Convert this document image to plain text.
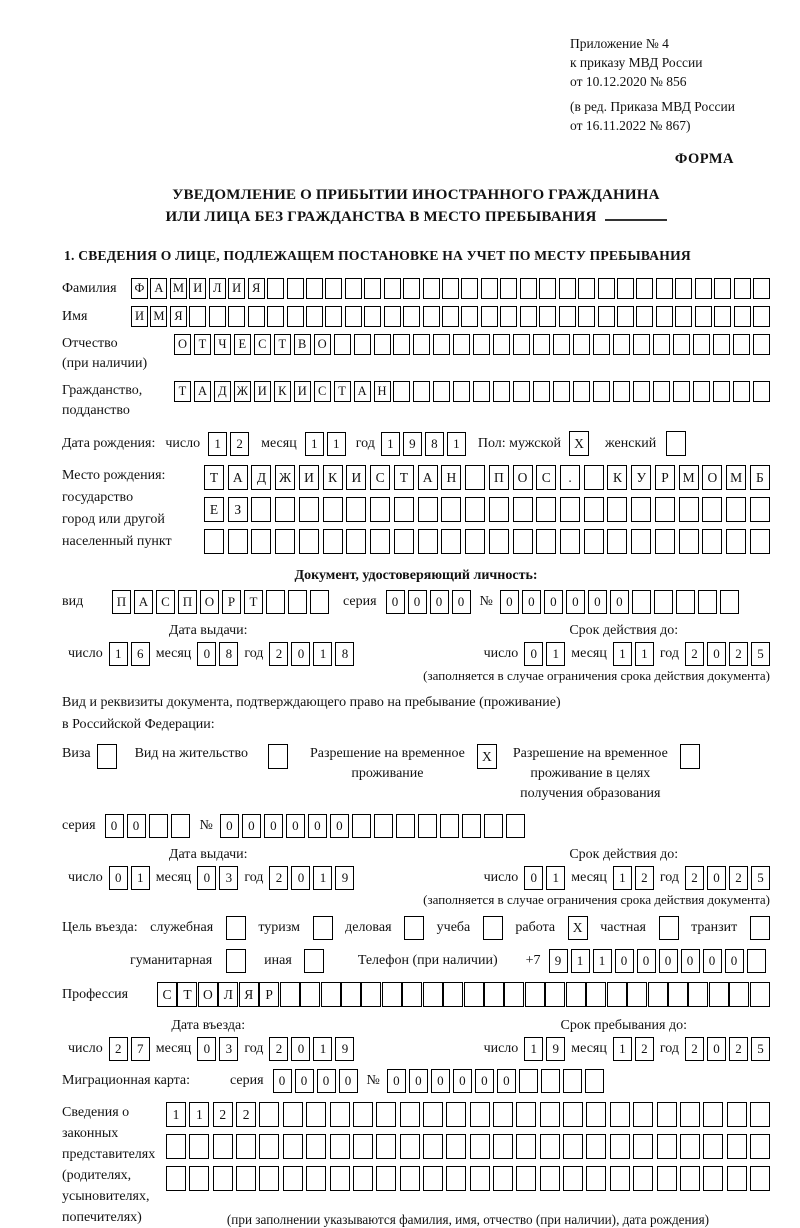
Приложение № 4
к приказу МВД России
от 10.12.2020 № 856
(в ред. Приказа МВД России
от 16.11.2022 № 867)
ФОРМА
УВЕДОМЛЕНИЕ О ПРИБЫТИИ ИНОСТРАННОГО ГРАЖДАНИНА
ИЛИ ЛИЦА БЕЗ ГРАЖДАНСТВА В МЕСТО ПРЕБЫВАНИЯ
1. СВЕДЕНИЯ О ЛИЦЕ, ПОДЛЕЖАЩЕМ ПОСТАНОВКЕ НА УЧЕТ ПО МЕСТУ ПРЕБЫВАНИЯ
Фамилия	Ф А М И Л И Я
Имя	И М Я
Отчество
(при наличии)
О Т Ч Е С Т В О
Гражданство,
подданство
Т А Д Ж И К И С Т А Н
Дата рождения: число	1	2	месяц	1	1	год 1	9	8	1	Пол: мужской X	женский
Место рождения:
государство
город или другой
населенный пункт
Т	А	Д Ж И	К	И	С	Т	А	Н	П	О	С	.	К	У	Р	М О М	Б
Е	З
Документ, удостоверяющий личность:
вид	П А С П О	Р	Т	серия	0	0	0	0	№	0	0	0	0	0	0
Дата выдачи:
число 1	6 месяц 0	8 год 2	0	1	8
Срок действия до:
число 0	1 месяц 1	1 год 2	0	2	5
(заполняется в случае ограничения срока действия документа)
Вид и реквизиты документа, подтверждающего право на пребывание (проживание)
в Российской Федерации:
Виза	Вид на жительство	Разрешение на временное
проживание
X	Разрешение на временное
проживание в целях
получения образования
серия	0	0	№	0	0	0	0	0	0
Дата выдачи:
число 0	1 месяц 0	3 год 2	0	1	9
Срок действия до:
число 0	1 месяц 1	2 год 2	0	2	5
(заполняется в случае ограничения срока действия документа)
Цель въезда: служебная	туризм	деловая	учеба	работа	X	частная	транзит
гуманитарная	иная	Телефон (при наличии) +7	9	1	1	0	0	0	0	0	0
Профессия	С Т О Л Я Р
Дата въезда:
число 2	7 месяц 0	3 год 2	0	1	9
Срок пребывания до:
число 1	9 месяц 1	2 год 2	0	2	5
Миграционная карта:	серия	0	0	0	0	№	0	0	0	0	0	0
Сведения о
законных
представителях
(родителях,
усыновителях,
попечителях)
1	1	2	2
(при заполнении указываются фамилия, имя, отчество (при наличии), дата рождения)
